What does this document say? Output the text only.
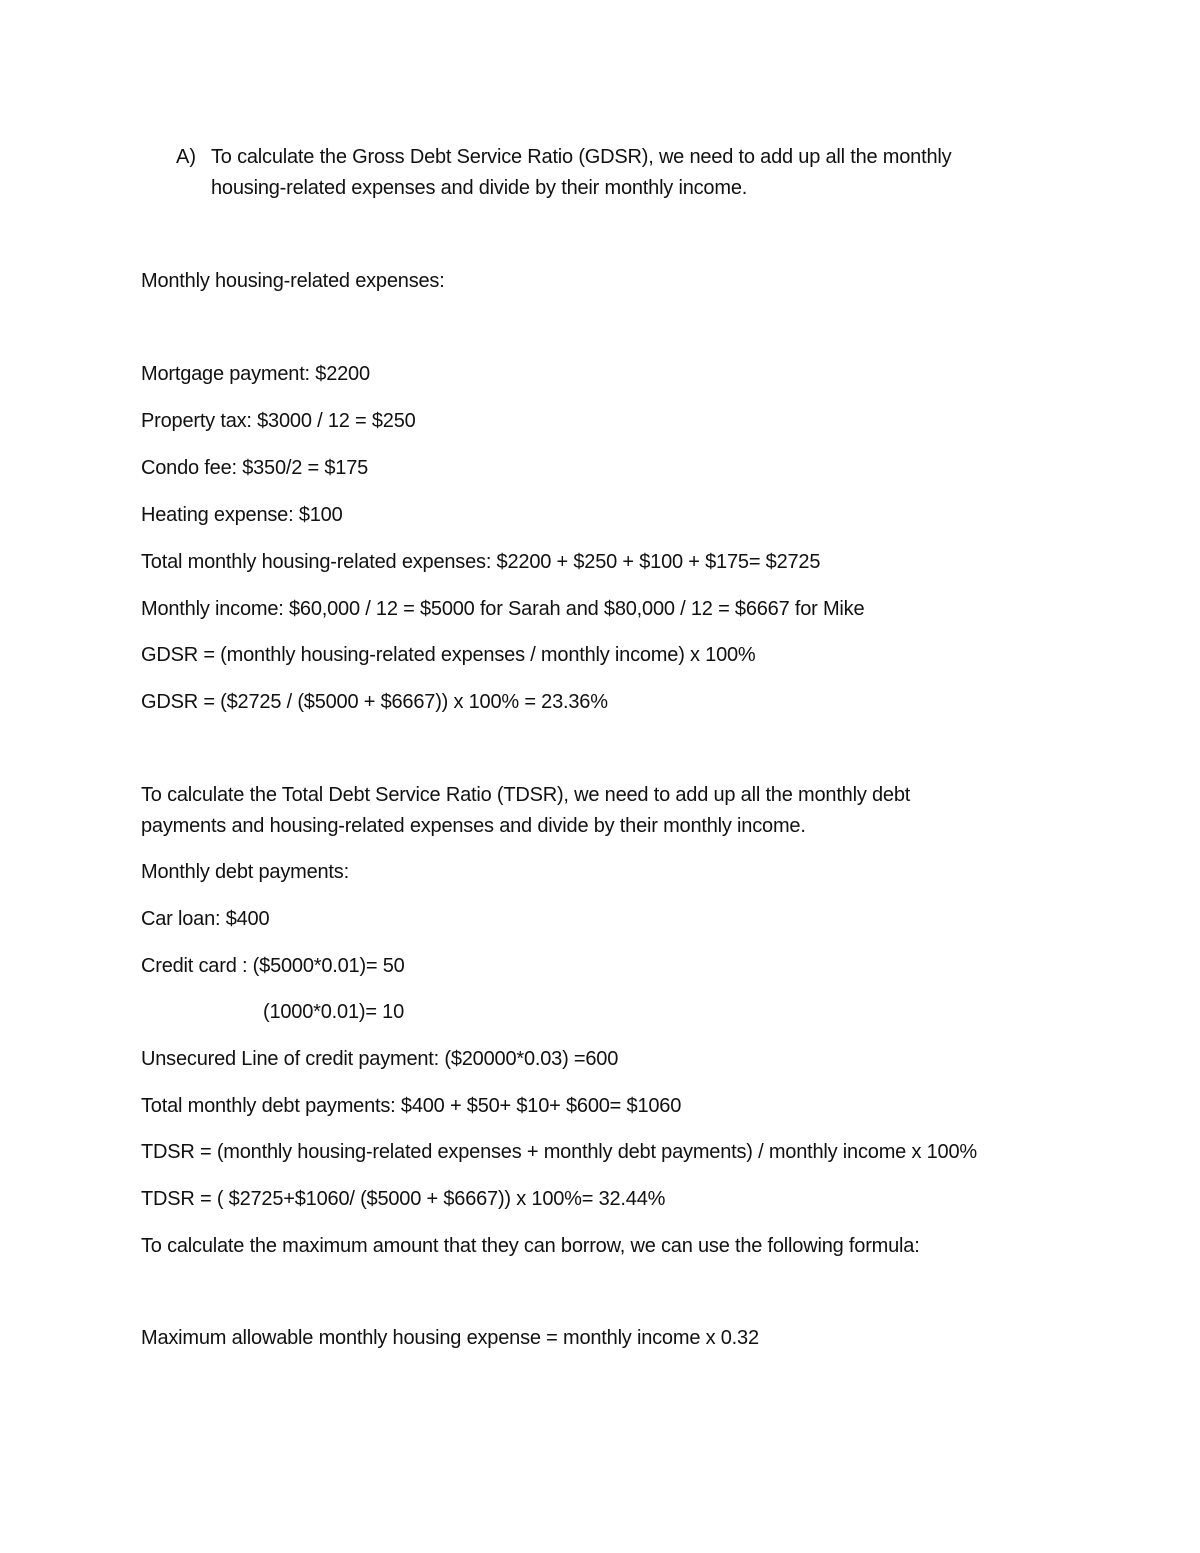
A) To calculate the Gross Debt Service Ratio (GDSR), we need to add up all the monthly
housing-related expenses and divide by their monthly income.
Monthly housing-related expenses:
Mortgage payment: $2200
Property tax: $3000 / 12 = $250
Condo fee: $350/2 = $175
Heating expense: $100
Total monthly housing-related expenses: $2200 + $250 + $100 + $175= $2725
Monthly income: $60,000 / 12 = $5000 for Sarah and $80,000 / 12 = $6667 for Mike
GDSR = (monthly housing-related expenses / monthly income) x 100%
GDSR = ($2725 / ($5000 + $6667)) x 100% = 23.36%
To calculate the Total Debt Service Ratio (TDSR), we need to add up all the monthly debt
payments and housing-related expenses and divide by their monthly income.
Monthly debt payments:
Car loan: $400
Credit card : ($5000*0.01)= 50
(1000*0.01)= 10
Unsecured Line of credit payment: ($20000*0.03) =600
Total monthly debt payments: $400 + $50+ $10+ $600= $1060
TDSR = (monthly housing-related expenses + monthly debt payments) / monthly income x 100%
TDSR = ( $2725+$1060/ ($5000 + $6667)) x 100%= 32.44%
To calculate the maximum amount that they can borrow, we can use the following formula:
Maximum allowable monthly housing expense = monthly income x 0.32
